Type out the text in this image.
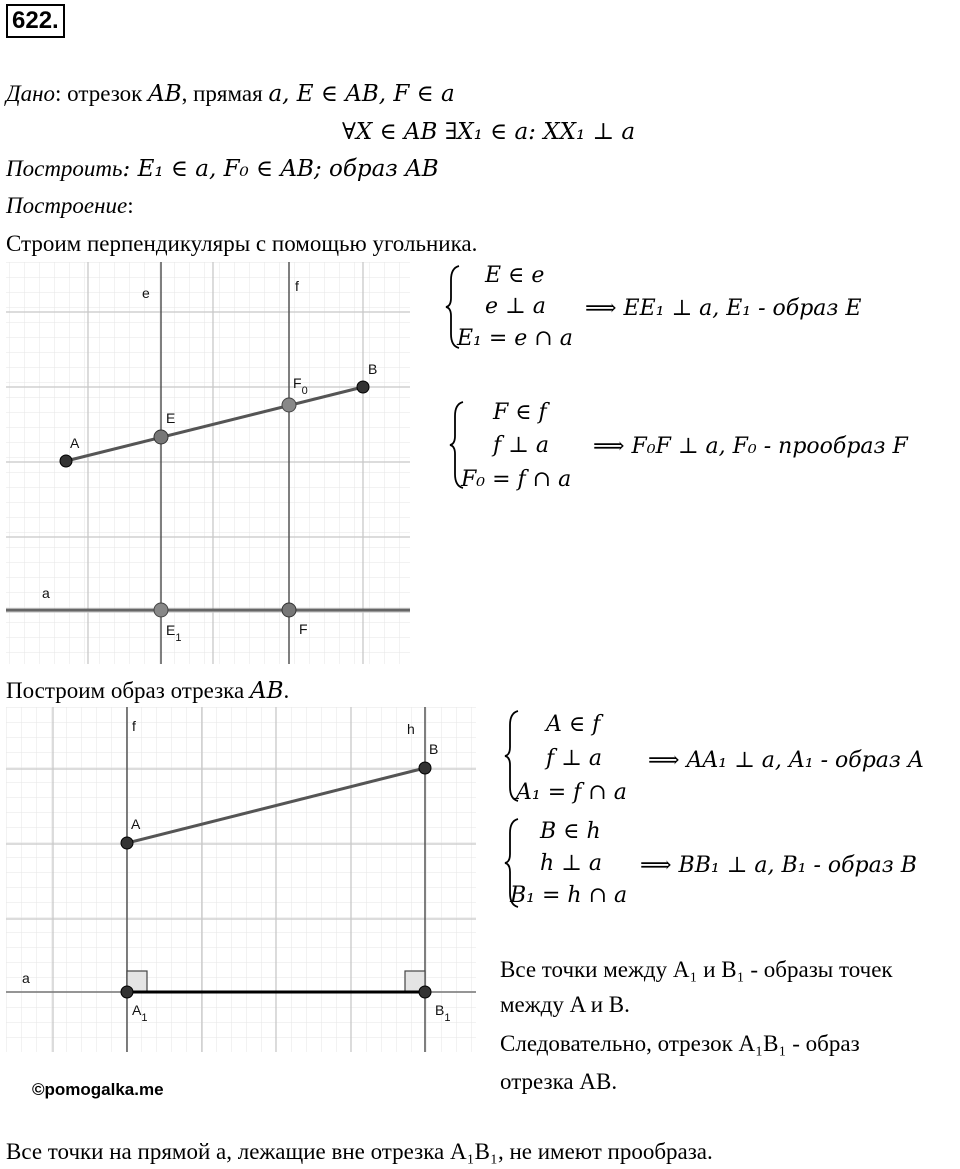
622.
Дано: отрезок AB, прямая a, E ∈ AB, F ∈ a
∀X ∈ AB ∃X₁ ∈ a: XX₁ ⊥ a
Построить: E₁ ∈ a, F₀ ∈ AB; образ AB
Построение:
Строим перпендикуляры с помощью угольника.
e	f
A
B
E
$F_0$
a
$E_1$
F
E ∈ e
e ⊥ a
E₁ = e ∩ a
⟹ EE₁ ⊥ a, E₁ - образ E
F ∈ f
f ⊥ a
F₀ = f ∩ a
⟹ F₀F ⊥ a, F₀ - прообраз F
Построим образ отрезка AB.
f	h
A
B
a
$A_1$	$B_1$
A ∈ f
f ⊥ a
A₁ = f ∩ a
⟹ AA₁ ⊥ a, A₁ - образ A
B ∈ h
h ⊥ a
B₁ = h ∩ a
⟹ BB₁ ⊥ a, B₁ - образ B
Все точки между A₁ и B₁ - образы точек
между A и B.
Следовательно, отрезок A₁B₁ - образ
отрезка AB.
©pomogalka.me
Все точки на прямой a, лежащие вне отрезка A₁B₁, не имеют прообраза.
